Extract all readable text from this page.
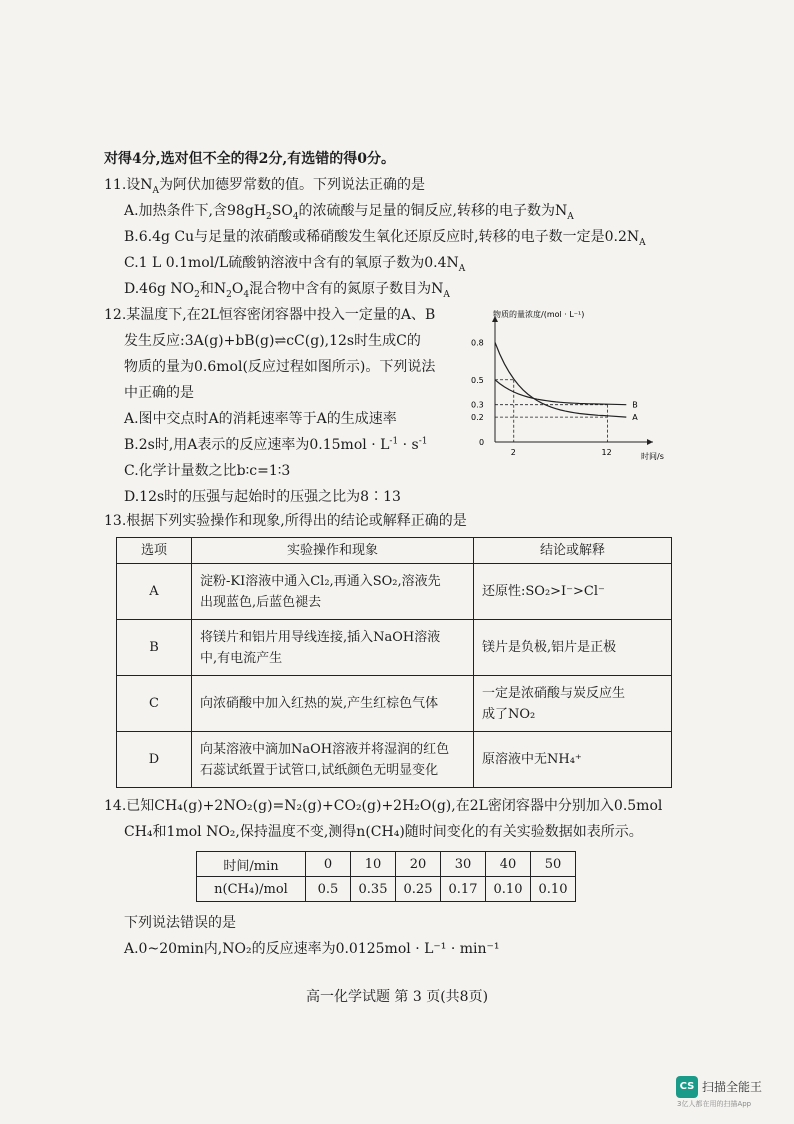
对得4分,选对但不全的得2分,有选错的得0分。
11.设$N_A$为阿伏加德罗常数的值。下列说法正确的是
A.加热条件下,含$98gH_2SO_4$的浓硫酸与足量的铜反应,转移的电子数为$N_A$
B.6.4g Cu与足量的浓硝酸或稀硝酸发生氧化还原反应时,转移的电子数一定是$0.2N_A$
C.1 L 0.1mol/L硫酸钠溶液中含有的氧原子数为$0.4N_A$
D.46g $NO_2$和$N_2O_4$混合物中含有的氮原子数目为$N_A$
12.某温度下,在2L恒容密闭容器中投入一定量的A、B
发生反应:3A(g)+bB(g)⇌cC(g),12s时生成C的
物质的量为0.6mol(反应过程如图所示)。下列说法
中正确的是
A.图中交点时A的消耗速率等于A的生成速率
B.2s时,用A表示的反应速率为$0.15mol \cdot L^{-1} \cdot s^{-1}$
C.化学计量数之比b∶c=1∶3
D.12s时的压强与起始时的压强之比为8∶13
物质的量浓度/(mol · L⁻¹)
时间/s
0.8
0.5
0.3
0.2
0
2	12
A
B
13.根据下列实验操作和现象,所得出的结论或解释正确的是
选项	实验操作和现象	结论或解释
A	淀粉-KI溶液中通入Cl₂,再通入SO₂,溶液先
出现蓝色,后蓝色褪去	还原性:SO₂>I⁻>Cl⁻

B	将镁片和铝片用导线连接,插入NaOH溶液
中,有电流产生	镁片是负极,铝片是正极

C	向浓硝酸中加入红热的炭,产生红棕色气体	一定是浓硝酸与炭反应生
成了NO₂

D	向某溶液中滴加NaOH溶液并将湿润的红色
石蕊试纸置于试管口,试纸颜色无明显变化	原溶液中无NH₄⁺
14.已知CH₄(g)+2NO₂(g)=N₂(g)+CO₂(g)+2H₂O(g),在2L密闭容器中分别加入0.5mol
CH₄和1mol NO₂,保持温度不变,测得n(CH₄)随时间变化的有关实验数据如表所示。
时间/min	0	10	20	30	40	50
n(CH₄)/mol	0.5	0.35	0.25	0.17	0.10	0.10
下列说法错误的是
A.0~20min内,NO₂的反应速率为0.0125mol · L⁻¹ · min⁻¹
高一化学试题 第 3 页(共8页)
CS 扫描全能王
3亿人都在用的扫描App
